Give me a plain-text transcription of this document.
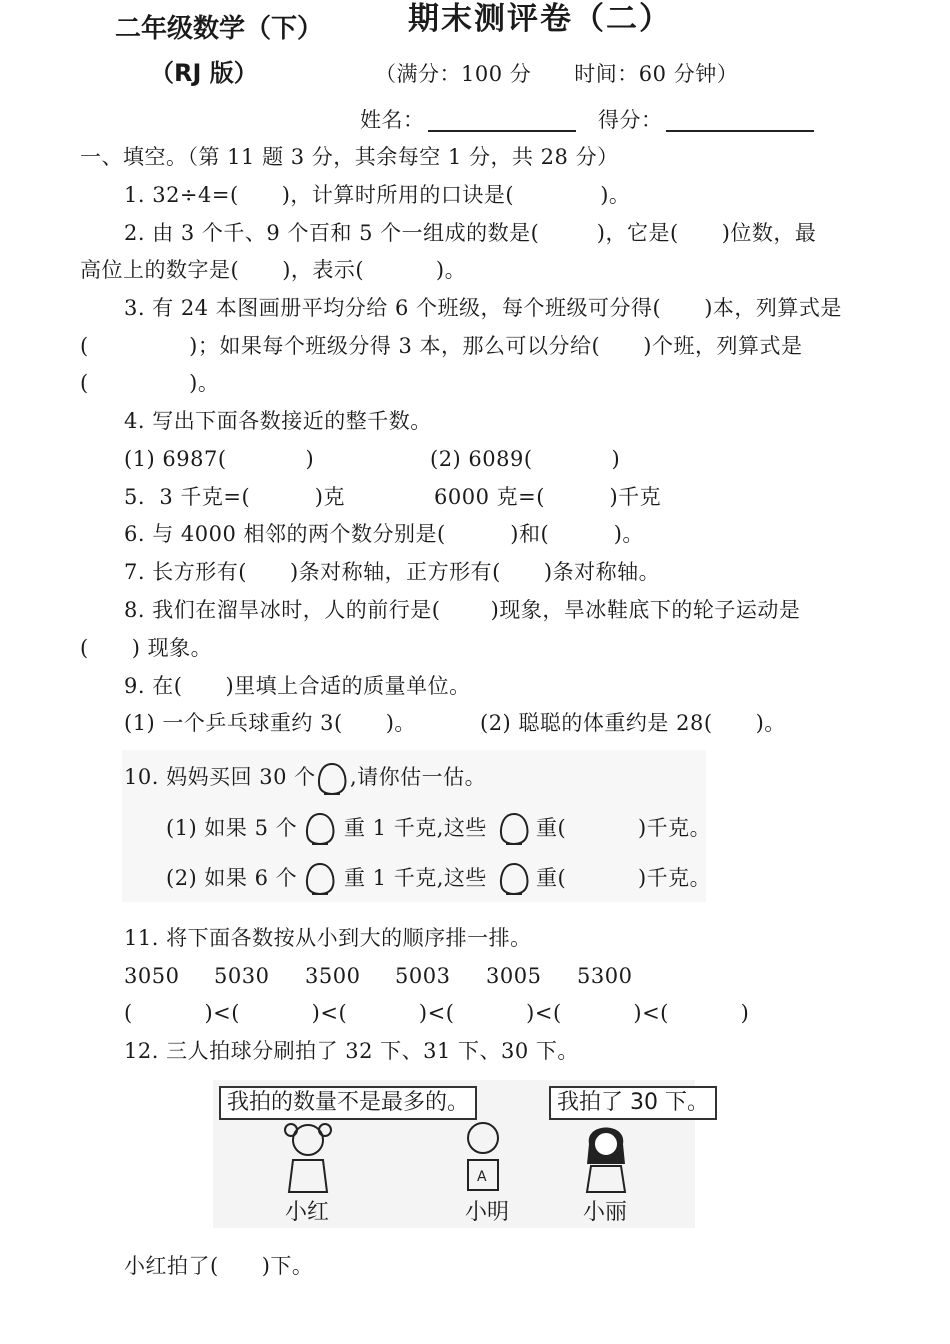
二年级数学（下）	期末测评卷（二）
（RJ 版）	（满分：100 分      时间：60 分钟）
姓名：	得分：
一、填空。（第 11 题 3 分，其余每空 1 分，共 28 分）
1. 32÷4=(      )，计算时所用的口诀是(            )。
2. 由 3 个千、9 个百和 5 个一组成的数是(        )，它是(      )位数，最
高位上的数字是(      )，表示(          )。
3. 有 24 本图画册平均分给 6 个班级，每个班级可分得(      )本，列算式是
(              )；如果每个班级分得 3 本，那么可以分给(      )个班，列算式是
(              )。
4. 写出下面各数接近的整千数。
(1) 6987(           )	(2) 6089(           )
5.  3 千克=(         )克	6000 克=(         )千克
6. 与 4000 相邻的两个数分别是(         )和(         )。
7. 长方形有(      )条对称轴，正方形有(      )条对称轴。
8. 我们在溜旱冰时，人的前行是(       )现象，旱冰鞋底下的轮子运动是
(      ) 现象。
9. 在(      )里填上合适的质量单位。
(1) 一个乒乓球重约 3(      )。	(2) 聪聪的体重约是 28(      )。
10. 妈妈买回 30 个 ,请你估一估。
(1) 如果 5 个 重 1 千克,这些 重(          )千克。
(2) 如果 6 个 重 1 千克,这些 重(          )千克。
11. 将下面各数按从小到大的顺序排一排。
3050 5030 3500 5003 3005 5300
(          )<(          )<(          )<(          )<(          )<(          )
12. 三人拍球分刷拍了 32 下、31 下、30 下。
我拍的数量不是最多的。	我拍了 30 下。
A
小红	小明	小丽
小红拍了(      )下。
